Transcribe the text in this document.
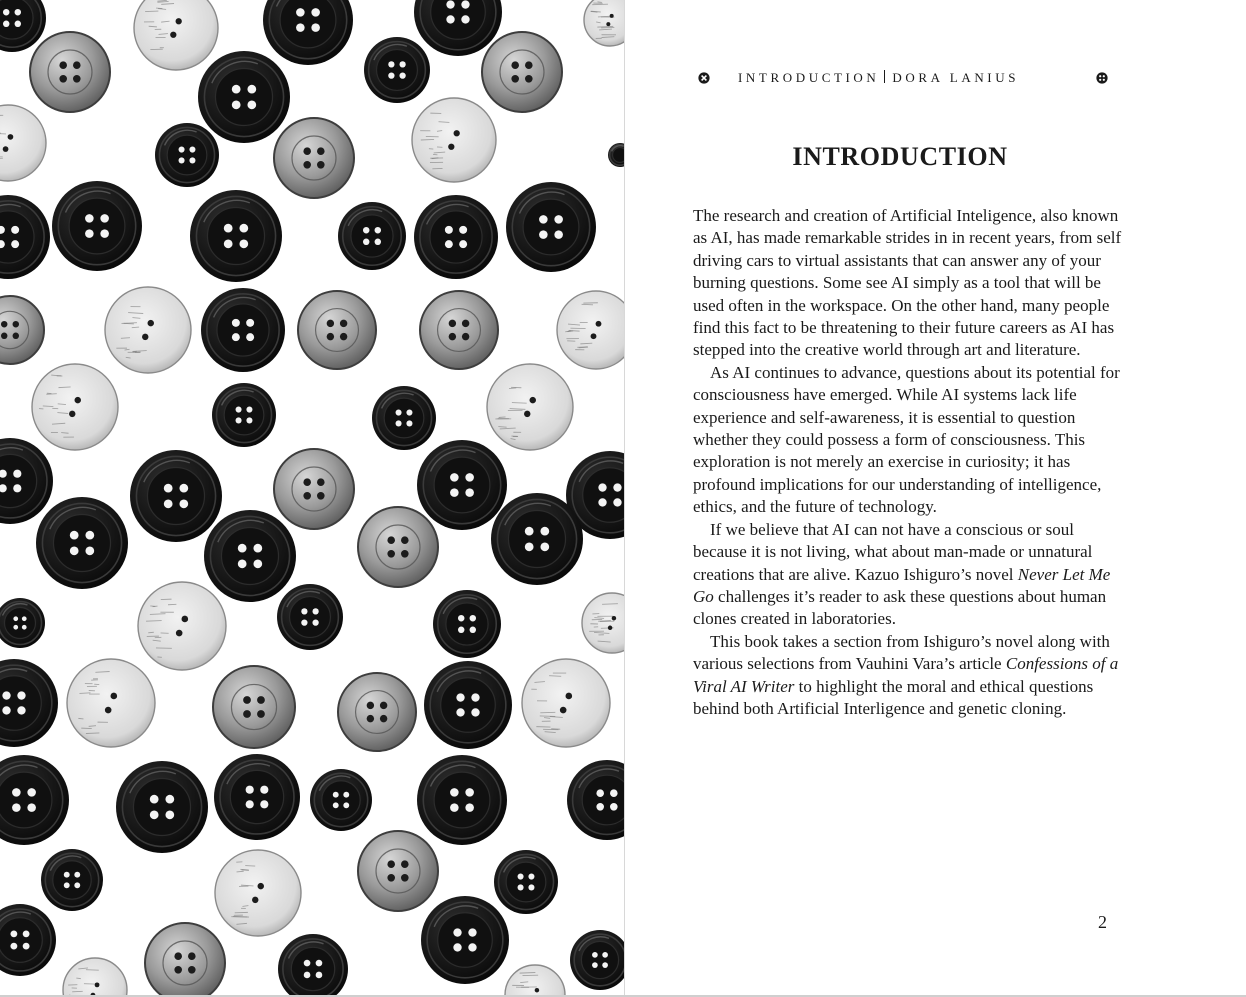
INTRODUCTION DORA LANIUS
INTRODUCTION

The research and creation of Artificial Inteligence, also known as AI, has made remarkable strides in in recent years, from self driving cars to virtual assistants that can answer any of your burning questions. Some see AI simply as a tool that will be used often in the workspace. On the other hand, many people find this fact to be threatening to their future careers as AI has stepped into the creative world through art and literature.

As AI continues to advance, questions about its potential for consciousness have emerged. While AI systems lack life experience and self-awareness, it is essential to question whether they could possess a form of consciousness. This exploration is not merely an exercise in curiosity; it has profound implications for our understanding of intelligence, ethics, and the future of technology.

If we believe that AI can not have a conscious or soul because it is not living, what about man-made or unnatural creations that are alive. Kazuo Ishiguro’s novel Never Let Me Go challenges it’s reader to ask these questions about human clones created in laboratories.

This book takes a section from Ishiguro’s novel along with various selections from Vauhini Vara’s article Confessions of a Viral AI Writer to highlight the moral and ethical questions behind both Artificial Interligence and genetic cloning.

2
